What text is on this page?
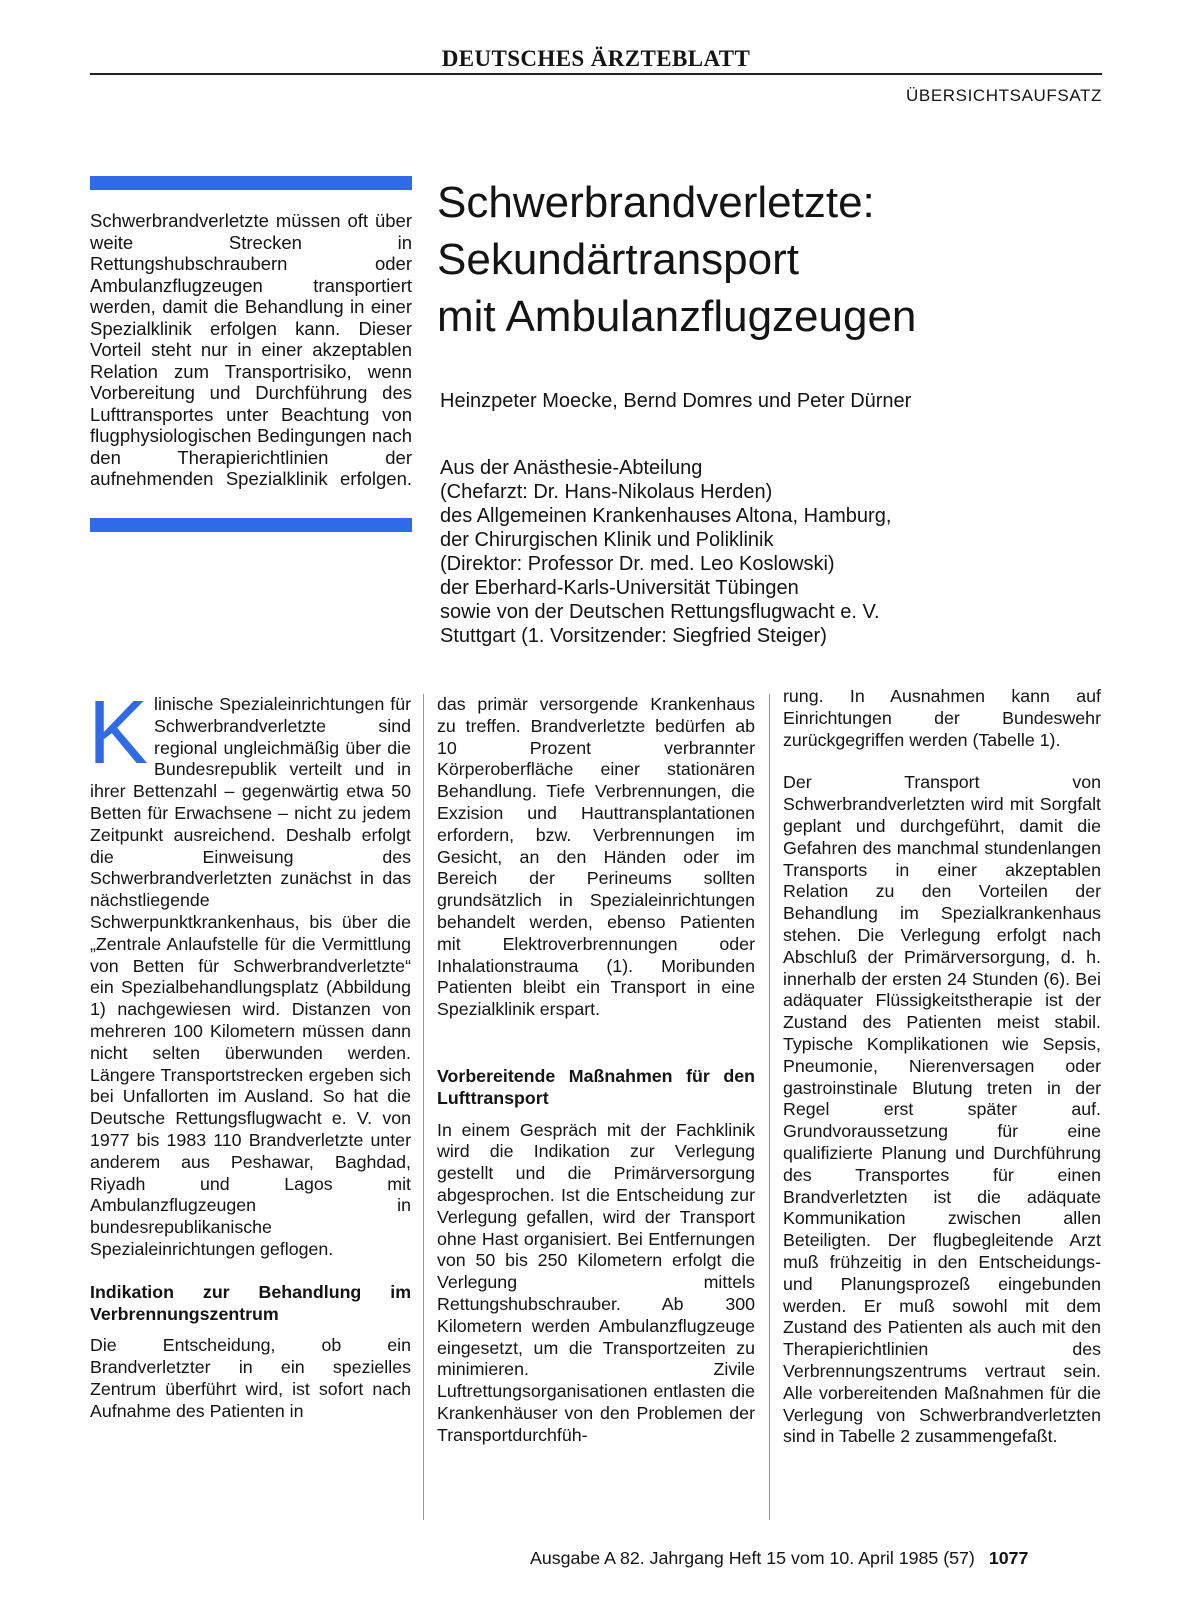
DEUTSCHES ÄRZTEBLATT
ÜBERSICHTSAUFSATZ
Schwerbrandverletzte müssen oft über weite Strecken in Rettungshubschraubern oder Ambulanzflugzeugen transportiert werden, damit die Behandlung in einer Spezialklinik erfolgen kann. Dieser Vorteil steht nur in einer akzeptablen Relation zum Transportrisiko, wenn Vorbereitung und Durchführung des Lufttransportes unter Beachtung von flugphysiologischen Bedingungen nach den Therapierichtlinien der aufnehmenden Spezialklinik erfolgen.
Schwerbrandverletzte:
Sekundärtransport
mit Ambulanzflugzeugen
Heinzpeter Moecke, Bernd Domres und Peter Dürner
Aus der Anästhesie-Abteilung
(Chefarzt: Dr. Hans-Nikolaus Herden)
des Allgemeinen Krankenhauses Altona, Hamburg,
der Chirurgischen Klinik und Poliklinik
(Direktor: Professor Dr. med. Leo Koslowski)
der Eberhard-Karls-Universität Tübingen
sowie von der Deutschen Rettungsflugwacht e. V.
Stuttgart (1. Vorsitzender: Siegfried Steiger)

Klinische Spezialeinrichtungen für Schwerbrandverletzte sind regional ungleichmäßig über die Bundesrepublik verteilt und in ihrer Bettenzahl – gegenwärtig etwa 50 Betten für Erwachsene – nicht zu jedem Zeitpunkt ausreichend. Deshalb erfolgt die Einweisung des Schwerbrandverletzten zunächst in das nächstliegende Schwerpunktkrankenhaus, bis über die „Zentrale Anlaufstelle für die Vermittlung von Betten für Schwerbrandverletzte“ ein Spezialbehandlungsplatz (Abbildung 1) nachgewiesen wird. Distanzen von mehreren 100 Kilometern müssen dann nicht selten überwunden werden. Längere Transportstrecken ergeben sich bei Unfallorten im Ausland. So hat die Deutsche Rettungsflugwacht e. V. von 1977 bis 1983 110 Brandverletzte unter anderem aus Peshawar, Baghdad, Riyadh und Lagos mit Ambulanzflugzeugen in bundesrepublikanische Spezialeinrichtungen geflogen.

Indikation zur Behandlung im Verbrennungszentrum

Die Entscheidung, ob ein Brandverletzter in ein spezielles Zentrum überführt wird, ist sofort nach Aufnahme des Patienten in

das primär versorgende Krankenhaus zu treffen. Brandverletzte bedürfen ab 10 Prozent verbrannter Körperoberfläche einer stationären Behandlung. Tiefe Verbrennungen, die Exzision und Hauttransplantationen erfordern, bzw. Verbrennungen im Gesicht, an den Händen oder im Bereich der Perineums sollten grundsätzlich in Spezialeinrichtungen behandelt werden, ebenso Patienten mit Elektroverbrennungen oder Inhalationstrauma (1). Moribunden Patienten bleibt ein Transport in eine Spezialklinik erspart.

Vorbereitende Maßnahmen für den Lufttransport

In einem Gespräch mit der Fachklinik wird die Indikation zur Verlegung gestellt und die Primärversorgung abgesprochen. Ist die Entscheidung zur Verlegung gefallen, wird der Transport ohne Hast organisiert. Bei Entfernungen von 50 bis 250 Kilometern erfolgt die Verlegung mittels Rettungshubschrauber. Ab 300 Kilometern werden Ambulanzflugzeuge eingesetzt, um die Transportzeiten zu minimieren. Zivile Luftrettungsorganisationen entlasten die Krankenhäuser von den Problemen der Transportdurchfüh-

rung. In Ausnahmen kann auf Einrichtungen der Bundeswehr zurückgegriffen werden (Tabelle 1).

Der Transport von Schwerbrandverletzten wird mit Sorgfalt geplant und durchgeführt, damit die Gefahren des manchmal stundenlangen Transports in einer akzeptablen Relation zu den Vorteilen der Behandlung im Spezialkrankenhaus stehen. Die Verlegung erfolgt nach Abschluß der Primärversorgung, d. h. innerhalb der ersten 24 Stunden (6). Bei adäquater Flüssigkeitstherapie ist der Zustand des Patienten meist stabil. Typische Komplikationen wie Sepsis, Pneumonie, Nierenversagen oder gastroinstinale Blutung treten in der Regel erst später auf. Grundvoraussetzung für eine qualifizierte Planung und Durchführung des Transportes für einen Brandverletzten ist die adäquate Kommunikation zwischen allen Beteiligten. Der flugbegleitende Arzt muß frühzeitig in den Entscheidungs- und Planungsprozeß eingebunden werden. Er muß sowohl mit dem Zustand des Patienten als auch mit den Therapierichtlinien des Verbrennungszentrums vertraut sein. Alle vorbereitenden Maßnahmen für die Verlegung von Schwerbrandverletzten sind in Tabelle 2 zusammengefaßt.

Ausgabe A 82. Jahrgang Heft 15 vom 10. April 1985 (57) 1077
